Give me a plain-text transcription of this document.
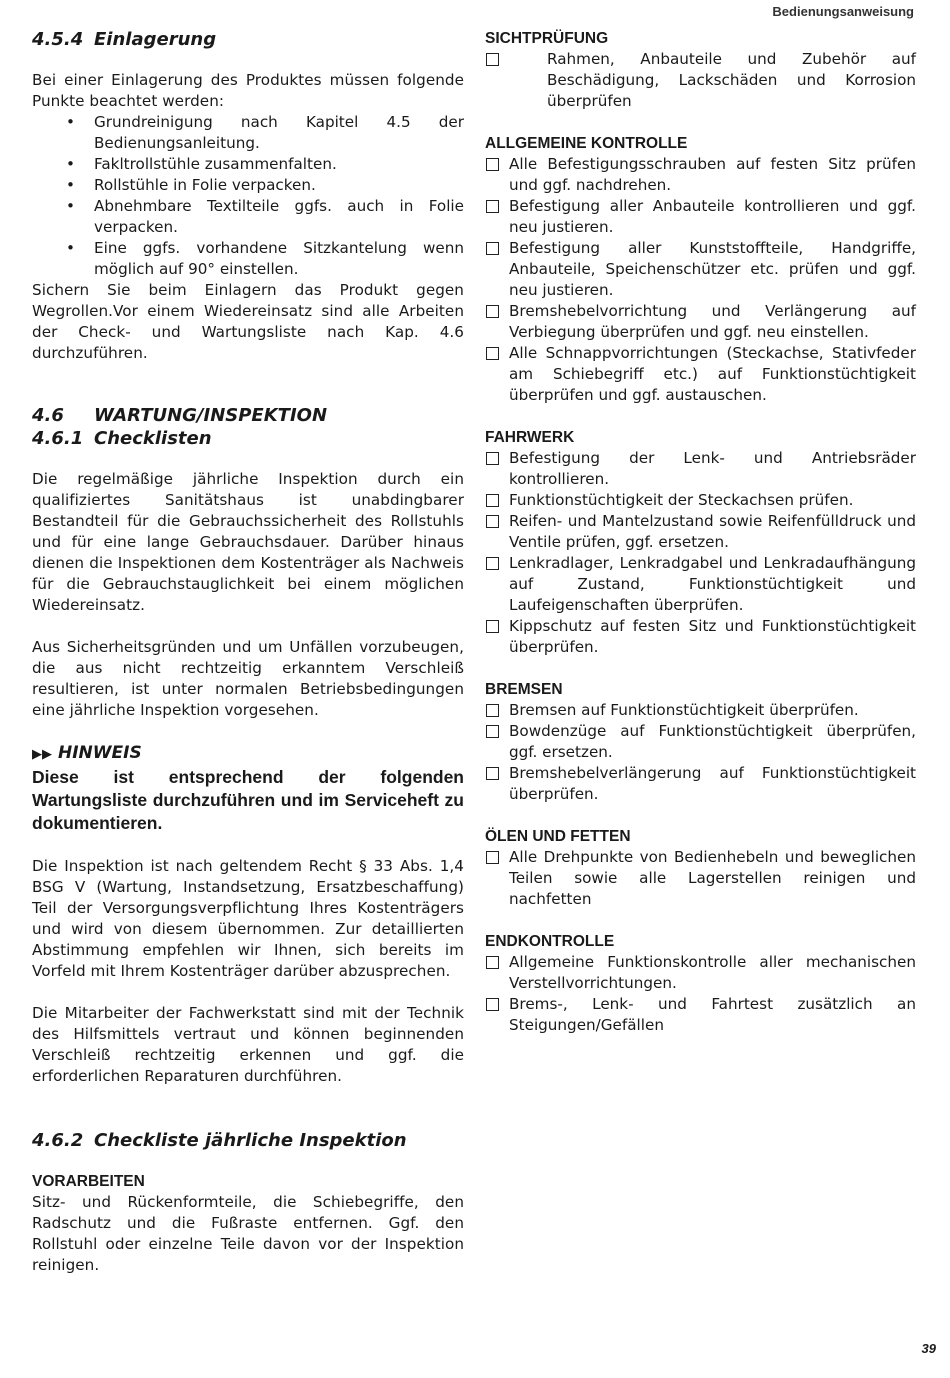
Bedienungsanweisung
4.5.4 Einlagerung

Bei einer Einlagerung des Produktes müssen folgende Punkte beachtet werden:

• Grundreinigung nach Kapitel 4.5 der Bedienungsanleitung.
• Fakltrollstühle zusammenfalten.
• Rollstühle in Folie verpacken.
• Abnehmbare Textilteile ggfs. auch in Folie verpacken.
• Eine ggfs. vorhandene Sitzkantelung wenn möglich auf 90° einstellen.

Sichern Sie beim Einlagern das Produkt gegen Wegrollen.Vor einem Wiedereinsatz sind alle Arbeiten der Check- und Wartungsliste nach Kap. 4.6 durchzuführen.

4.6 WARTUNG/INSPEKTION
4.6.1 Checklisten

Die regelmäßige jährliche Inspektion durch ein qualifiziertes Sanitätshaus ist unabdingbarer Bestandteil für die Gebrauchssicherheit des Rollstuhls und für eine lange Gebrauchsdauer. Darüber hinaus dienen die Inspektionen dem Kostenträger als Nachweis für die Gebrauchstauglichkeit bei einem möglichen Wiedereinsatz.

Aus Sicherheitsgründen und um Unfällen vorzubeugen, die aus nicht rechtzeitig erkanntem Verschleiß resultieren, ist unter normalen Betriebsbedingungen eine jährliche Inspektion vorgesehen.

▶▶ HINWEIS

Diese ist entsprechend der folgenden Wartungsliste durchzuführen und im Serviceheft zu dokumentieren.

Die Inspektion ist nach geltendem Recht § 33 Abs. 1,4 BSG V (Wartung, Instandsetzung, Ersatzbeschaffung) Teil der Versorgungsverpflichtung Ihres Kostenträgers und wird von diesem übernommen. Zur detaillierten Abstimmung empfehlen wir Ihnen, sich bereits im Vorfeld mit Ihrem Kostenträger darüber abzusprechen.

Die Mitarbeiter der Fachwerkstatt sind mit der Technik des Hilfsmittels vertraut und können beginnenden Verschleiß rechtzeitig erkennen und ggf. die erforderlichen Reparaturen durchführen.

4.6.2 Checkliste jährliche Inspektion
VORARBEITEN

Sitz- und Rückenformteile, die Schiebegriffe, den Radschutz und die Fußraste entfernen. Ggf. den Rollstuhl oder einzelne Teile davon vor der Inspektion reinigen.

SICHTPRÜFUNG
Rahmen, Anbauteile und Zubehör auf Beschädigung, Lackschäden und Korrosion überprüfen
ALLGEMEINE KONTROLLE
Alle Befestigungsschrauben auf festen Sitz prüfen und ggf. nachdrehen.
Befestigung aller Anbauteile kontrollieren und ggf. neu justieren.
Befestigung aller Kunststoffteile, Handgriffe, Anbauteile, Speichenschützer etc. prüfen und ggf. neu justieren.
Bremshebelvorrichtung und Verlängerung auf Verbiegung überprüfen und ggf. neu einstellen.
Alle Schnappvorrichtungen (Steckachse, Stativfeder am Schiebegriff etc.) auf Funktionstüchtigkeit überprüfen und ggf. austauschen.
FAHRWERK
Befestigung der Lenk- und Antriebsräder kontrollieren.
Funktionstüchtigkeit der Steckachsen prüfen.
Reifen- und Mantelzustand sowie Reifenfülldruck und Ventile prüfen, ggf. ersetzen.
Lenkradlager, Lenkradgabel und Lenkradaufhängung auf Zustand, Funktionstüchtigkeit und Laufeigenschaften überprüfen.
Kippschutz auf festen Sitz und Funktionstüchtigkeit überprüfen.
BREMSEN
Bremsen auf Funktionstüchtigkeit überprüfen.
Bowdenzüge auf Funktionstüchtigkeit überprüfen, ggf. ersetzen.
Bremshebelverlängerung auf Funktionstüchtigkeit überprüfen.
ÖLEN UND FETTEN
Alle Drehpunkte von Bedienhebeln und beweglichen Teilen sowie alle Lagerstellen reinigen und nachfetten
ENDKONTROLLE
Allgemeine Funktionskontrolle aller mechanischen Verstellvorrichtungen.
Brems-, Lenk- und Fahrtest zusätzlich an Steigungen/Gefällen
39
